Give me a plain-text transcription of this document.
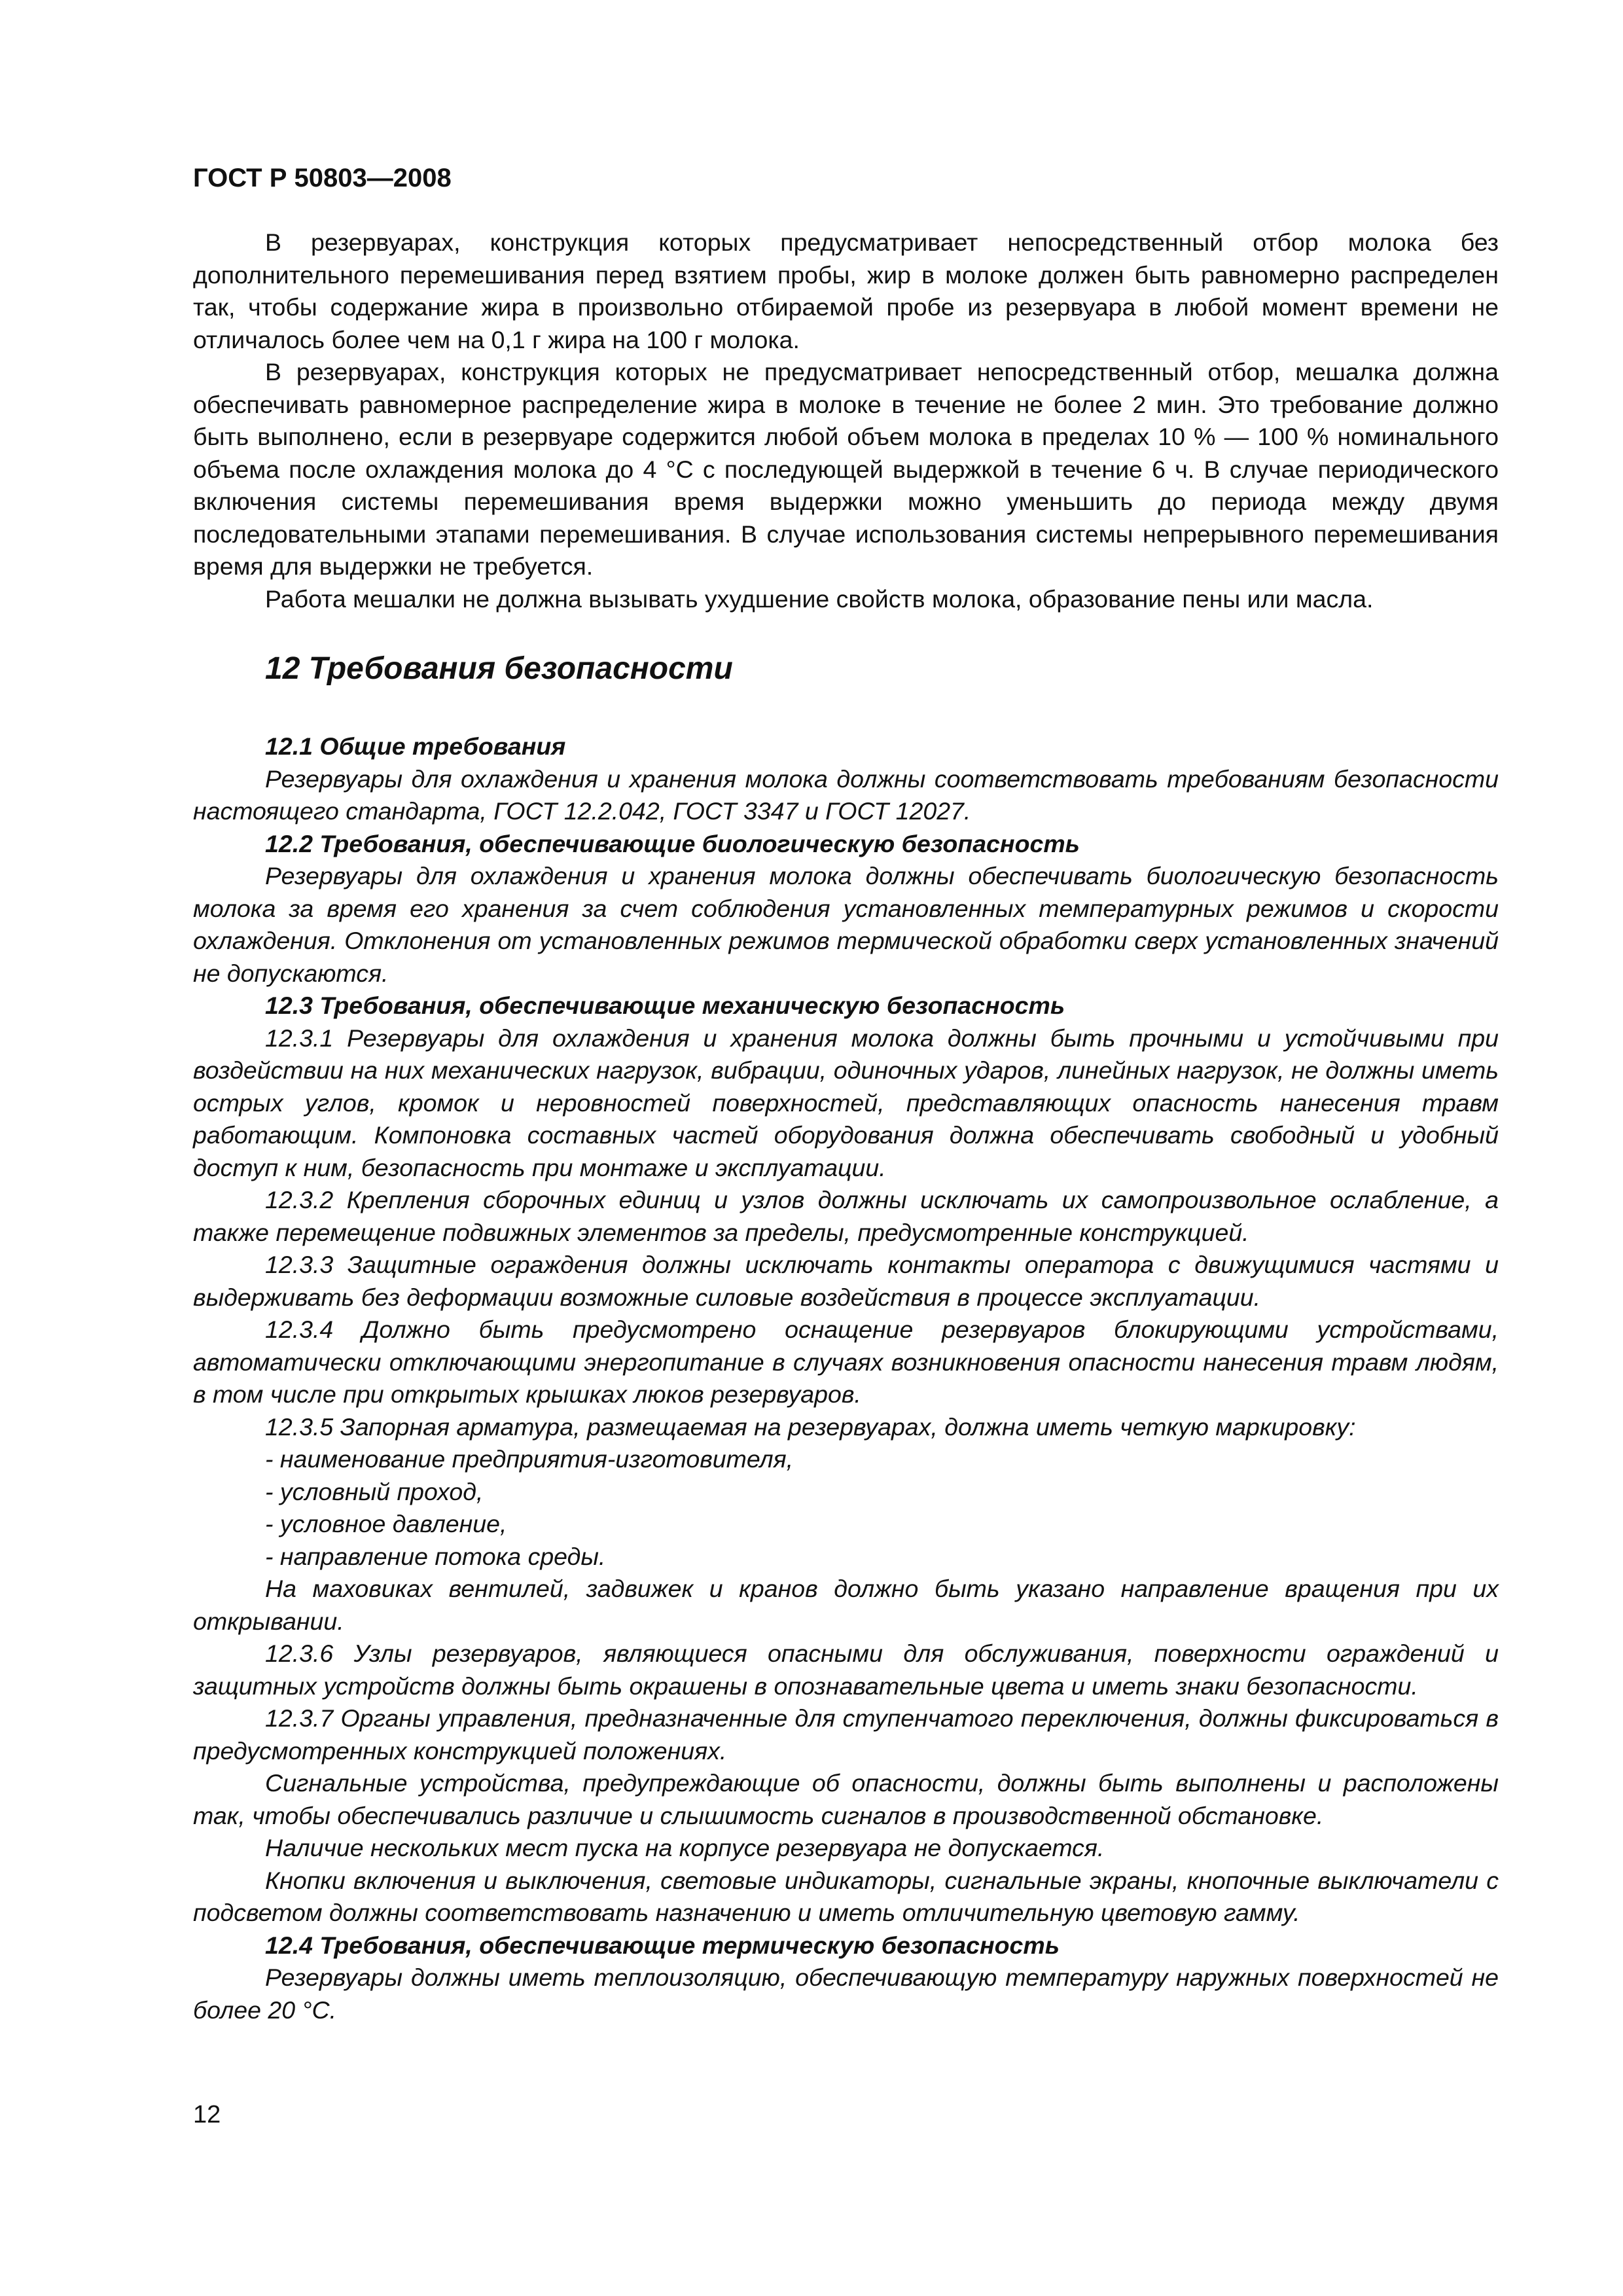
ГОСТ Р 50803—2008

В резервуарах, конструкция которых предусматривает непосредственный отбор молока без дополнительного перемешивания перед взятием пробы, жир в молоке должен быть равномерно распределен так, чтобы содержание жира в произвольно отбираемой пробе из резервуара в любой момент времени не отличалось более чем на 0,1 г жира на 100 г молока.

В резервуарах, конструкция которых не предусматривает непосредственный отбор, мешалка должна обеспечивать равномерное распределение жира в молоке в течение не более 2 мин. Это требование должно быть выполнено, если в резервуаре содержится любой объем молока в пределах 10 % — 100 % номинального объема после охлаждения молока до 4 °С с последующей выдержкой в течение 6 ч. В случае периодического включения системы перемешивания время выдержки можно уменьшить до периода между двумя последовательными этапами перемешивания. В случае использования системы непрерывного перемешивания время для выдержки не требуется.

Работа мешалки не должна вызывать ухудшение свойств молока, образование пены или масла.

12 Требования безопасности

12.1 Общие требования

Резервуары для охлаждения и хранения молока должны соответствовать требованиям безопасности настоящего стандарта, ГОСТ 12.2.042, ГОСТ 3347 и ГОСТ 12027.

12.2 Требования, обеспечивающие биологическую безопасность

Резервуары для охлаждения и хранения молока должны обеспечивать биологическую безопасность молока за время его хранения за счет соблюдения установленных температурных режимов и скорости охлаждения. Отклонения от установленных режимов термической обработки сверх установленных значений не допускаются.

12.3 Требования, обеспечивающие механическую безопасность

12.3.1 Резервуары для охлаждения и хранения молока должны быть прочными и устойчивыми при воздействии на них механических нагрузок, вибрации, одиночных ударов, линейных нагрузок, не должны иметь острых углов, кромок и неровностей поверхностей, представляющих опасность нанесения травм работающим. Компоновка составных частей оборудования должна обеспечивать свободный и удобный доступ к ним, безопасность при монтаже и эксплуатации.

12.3.2 Крепления сборочных единиц и узлов должны исключать их самопроизвольное ослабление, а также перемещение подвижных элементов за пределы, предусмотренные конструкцией.

12.3.3 Защитные ограждения должны исключать контакты оператора с движущимися частями и выдерживать без деформации возможные силовые воздействия в процессе эксплуатации.

12.3.4 Должно быть предусмотрено оснащение резервуаров блокирующими устройствами, автоматически отключающими энергопитание в случаях возникновения опасности нанесения травм людям, в том числе при открытых крышках люков резервуаров.

12.3.5 Запорная арматура, размещаемая на резервуарах, должна иметь четкую маркировку:

- наименование предприятия-изготовителя,

- условный проход,

- условное давление,

- направление потока среды.

На маховиках вентилей, задвижек и кранов должно быть указано направление вращения при их открывании.

12.3.6 Узлы резервуаров, являющиеся опасными для обслуживания, поверхности ограждений и защитных устройств должны быть окрашены в опознавательные цвета и иметь знаки безопасности.

12.3.7 Органы управления, предназначенные для ступенчатого переключения, должны фиксироваться в предусмотренных конструкцией положениях.

Сигнальные устройства, предупреждающие об опасности, должны быть выполнены и расположены так, чтобы обеспечивались различие и слышимость сигналов в производственной обстановке.

Наличие нескольких мест пуска на корпусе резервуара не допускается.

Кнопки включения и выключения, световые индикаторы, сигнальные экраны, кнопочные выключатели с подсветом должны соответствовать назначению и иметь отличительную цветовую гамму.

12.4 Требования, обеспечивающие термическую безопасность

Резервуары должны иметь теплоизоляцию, обеспечивающую температуру наружных поверхностей не более 20 °С.

12
